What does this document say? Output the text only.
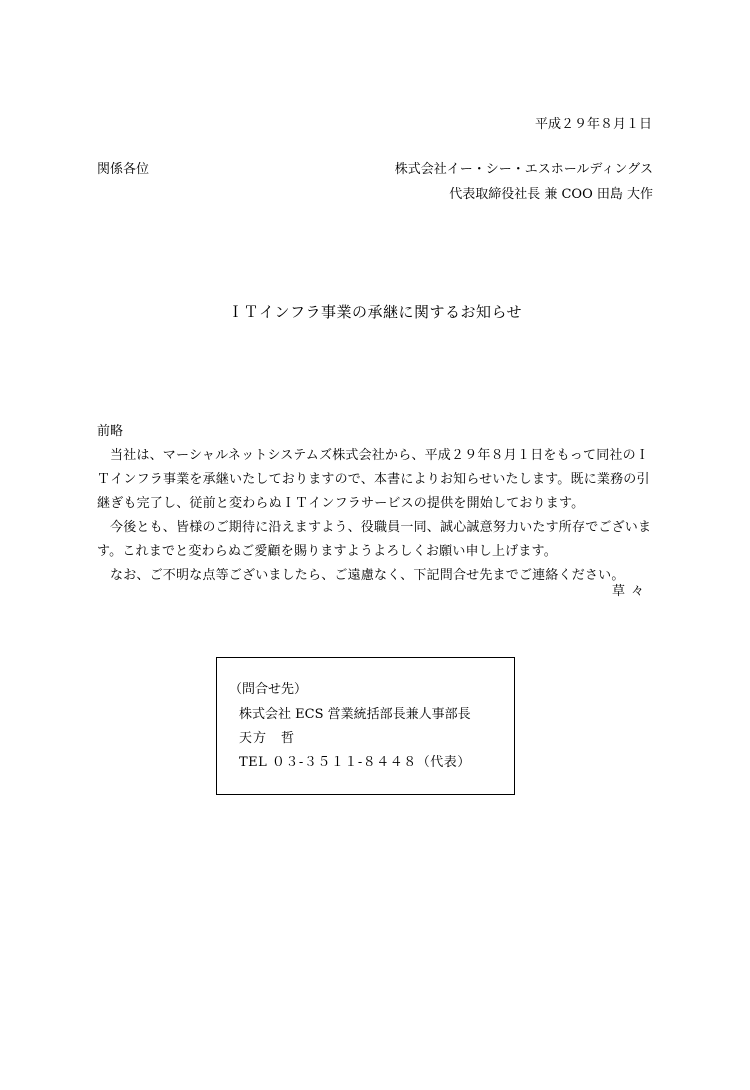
平成２９年８月１日
関係各位	株式会社イー・シー・エスホールディングス
代表取締役社長 兼 COO 田島 大作
ＩＴインフラ事業の承継に関するお知らせ
前略

当社は、マーシャルネットシステムズ株式会社から、平成２９年８月１日をもって同社のＩＴインフラ事業を承継いたしておりますので、本書によりお知らせいたします。既に業務の引継ぎも完了し、従前と変わらぬＩＴインフラサービスの提供を開始しております。

今後とも、皆様のご期待に沿えますよう、役職員一同、誠心誠意努力いたす所存でございます。これまでと変わらぬご愛顧を賜りますようよろしくお願い申し上げます。

なお、ご不明な点等ございましたら、ご遠慮なく、下記問合せ先までご連絡ください。

草々
（問合せ先）
株式会社 ECS 営業統括部長兼人事部長
天方　哲
TEL ０３-３５１１-８４４８（代表）
